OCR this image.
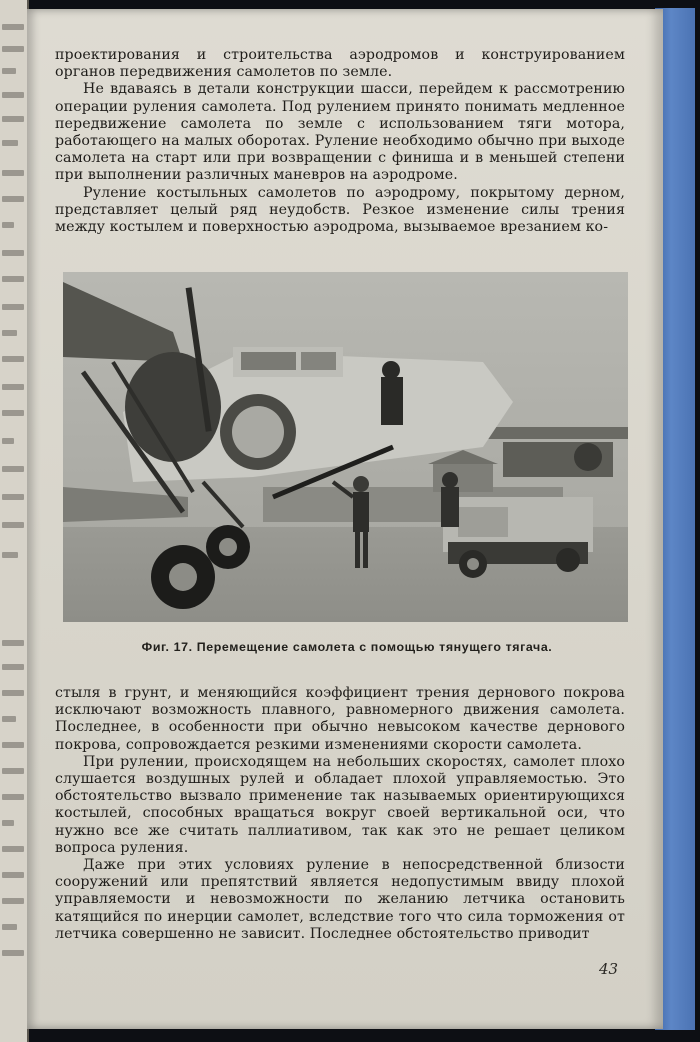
проектирования и строительства аэродромов и конструированием органов передвижения самолетов по земле.

Не вдаваясь в детали конструкции шасси, перейдем к рассмотрению операции руления самолета. Под рулением принято понимать медленное передвижение самолета по земле с использованием тяги мотора, работающего на малых оборотах. Руление необходимо обычно при выходе самолета на старт или при возвращении с финиша и в меньшей степени при выполнении различных маневров на аэродроме.

Руление костыльных самолетов по аэродрому, покрытому дерном, представляет целый ряд неудобств. Резкое изменение силы трения между костылем и поверхностью аэродрома, вызываемое врезанием ко-

Фиг. 17. Перемещение самолета с помощью тянущего тягача.

стыля в грунт, и меняющийся коэффициент трения дернового покрова исключают возможность плавного, равномерного движения самолета. Последнее, в особенности при обычно невысоком качестве дернового покрова, сопровождается резкими изменениями скорости самолета.

При рулении, происходящем на небольших скоростях, самолет плохо слушается воздушных рулей и обладает плохой управляемостью. Это обстоятельство вызвало применение так называемых ориентирующихся костылей, способных вращаться вокруг своей вертикальной оси, что нужно все же считать паллиативом, так как это не решает целиком вопроса руления.

Даже при этих условиях руление в непосредственной близости сооружений или препятствий является недопустимым ввиду плохой управляемости и невозможности по желанию летчика остановить катящийся по инерции самолет, вследствие того что сила торможения от летчика совершенно не зависит. Последнее обстоятельство приводит

43
